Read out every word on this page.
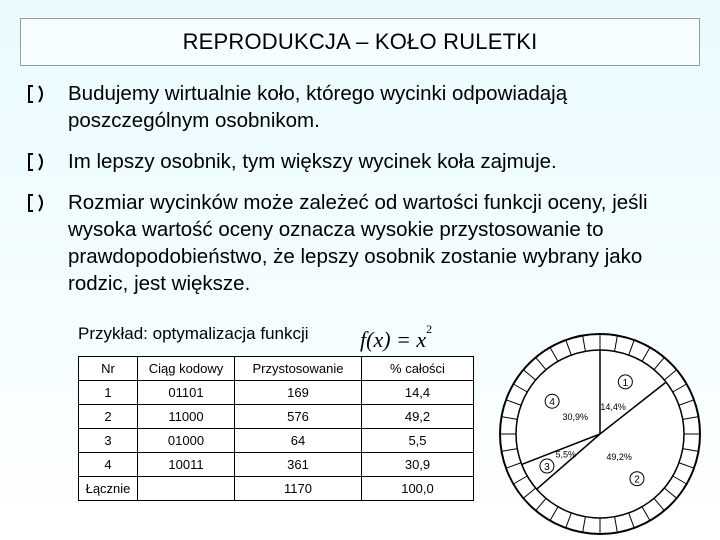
REPRODUKCJA – KOŁO RULETKI
Budujemy wirtualnie koło, którego wycinki odpowiadają poszczególnym osobnikom.
Im lepszy osobnik, tym większy wycinek koła zajmuje.
Rozmiar wycinków może zależeć od wartości funkcji oceny, jeśli wysoka wartość oceny oznacza wysokie przystosowanie to prawdopodobieństwo, że lepszy osobnik zostanie wybrany jako rodzic, jest większe.
Przykład: optymalizacja funkcji $f(x) = x^2$
Nr	Ciąg kodowy	Przystosowanie	% całości
1	01101	169	14,4
2	11000	576	49,2
3	01000	64	5,5
4	10011	361	30,9
Łącznie		1170	100,0
14,4%
1
49,2%
2
5,5%
3
30,9%
4
